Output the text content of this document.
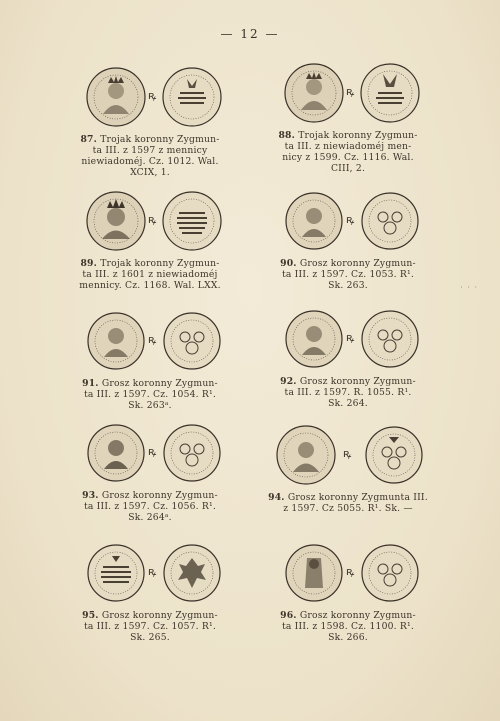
— 12 —
ꝶ
87. Trojak koronny Zygmun-
ta III. z 1597 z mennicy
niewiadoméj. Cz. 1012. Wal.
XCIX, 1.
ꝶ
88. Trojak koronny Zygmun-
ta III. z niewiadoméj men-
nicy z 1599. Cz. 1116. Wal.
CIII, 2.
ꝶ
89. Trojak koronny Zygmun-
ta III. z 1601 z niewiadoméj
mennicy. Cz. 1168. Wal. LXX.
ꝶ
90. Grosz koronny Zygmun-
ta III. z 1597. Cz. 1053. R¹.
Sk. 263.
ꝶ
91. Grosz koronny Zygmun-
ta III. z 1597. Cz. 1054. R¹.
Sk. 263ᵃ.
ꝶ
92. Grosz koronny Zygmun-
ta III. z 1597. R. 1055. R¹.
Sk. 264.
ꝶ
93. Grosz koronny Zygmun-
ta III. z 1597. Cz. 1056. R¹.
Sk. 264ᵃ.
ꝶ
94. Grosz koronny Zygmunta III.
z 1597. Cz 5055. R¹. Sk. —
ꝶ
95. Grosz koronny Zygmun-
ta III. z 1597. Cz. 1057. R¹.
Sk. 265.
ꝶ
96. Grosz koronny Zygmun-
ta III. z 1598. Cz. 1100. R¹.
Sk. 266.
· · ·
